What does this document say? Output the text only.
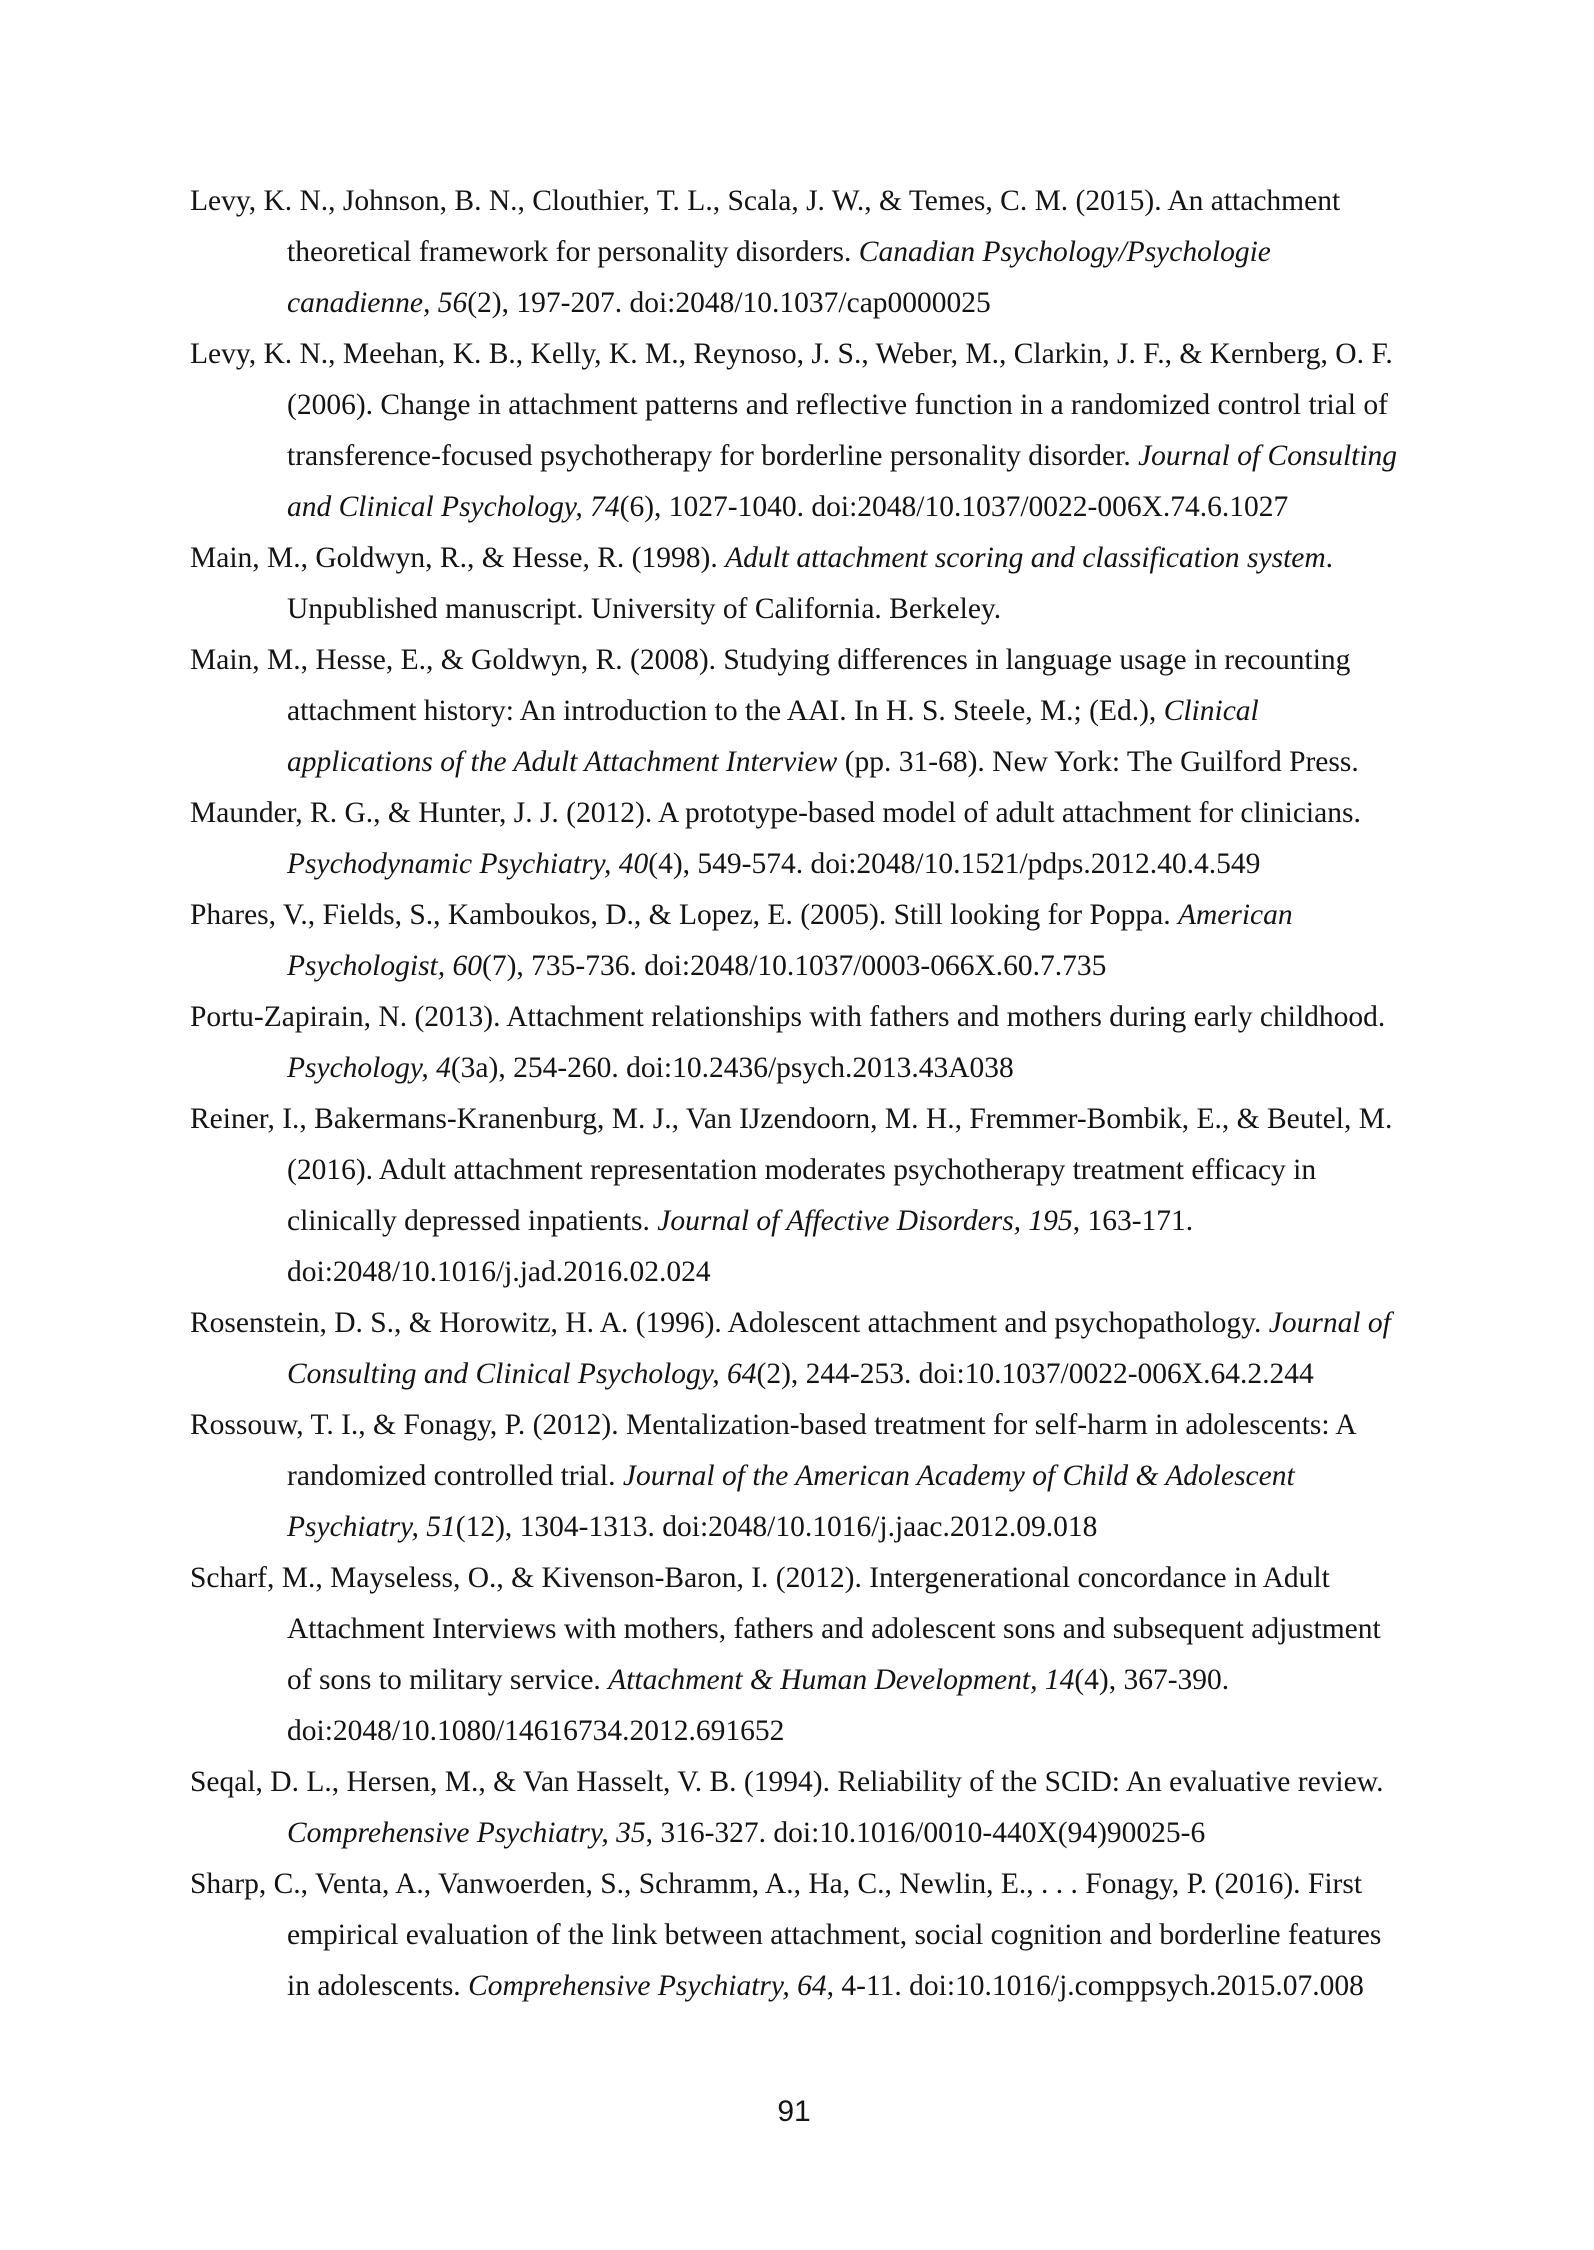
Levy, K. N., Johnson, B. N., Clouthier, T. L., Scala, J. W., & Temes, C. M. (2015). An attachment
theoretical framework for personality disorders. Canadian Psychology/Psychologie
canadienne, 56(2), 197-207. doi:2048/10.1037/cap0000025
Levy, K. N., Meehan, K. B., Kelly, K. M., Reynoso, J. S., Weber, M., Clarkin, J. F., & Kernberg, O. F.
(2006). Change in attachment patterns and reflective function in a randomized control trial of
transference-focused psychotherapy for borderline personality disorder. Journal of Consulting
and Clinical Psychology, 74(6), 1027-1040. doi:2048/10.1037/0022-006X.74.6.1027
Main, M., Goldwyn, R., & Hesse, R. (1998). Adult attachment scoring and classification system.
Unpublished manuscript. University of California. Berkeley.
Main, M., Hesse, E., & Goldwyn, R. (2008). Studying differences in language usage in recounting
attachment history: An introduction to the AAI. In H. S. Steele, M.; (Ed.), Clinical
applications of the Adult Attachment Interview (pp. 31-68). New York: The Guilford Press.
Maunder, R. G., & Hunter, J. J. (2012). A prototype-based model of adult attachment for clinicians.
Psychodynamic Psychiatry, 40(4), 549-574. doi:2048/10.1521/pdps.2012.40.4.549
Phares, V., Fields, S., Kamboukos, D., & Lopez, E. (2005). Still looking for Poppa. American
Psychologist, 60(7), 735-736. doi:2048/10.1037/0003-066X.60.7.735
Portu-Zapirain, N. (2013). Attachment relationships with fathers and mothers during early childhood.
Psychology, 4(3a), 254-260. doi:10.2436/psych.2013.43A038
Reiner, I., Bakermans-Kranenburg, M. J., Van IJzendoorn, M. H., Fremmer-Bombik, E., & Beutel, M.
(2016). Adult attachment representation moderates psychotherapy treatment efficacy in
clinically depressed inpatients. Journal of Affective Disorders, 195, 163-171.
doi:2048/10.1016/j.jad.2016.02.024
Rosenstein, D. S., & Horowitz, H. A. (1996). Adolescent attachment and psychopathology. Journal of
Consulting and Clinical Psychology, 64(2), 244-253. doi:10.1037/0022-006X.64.2.244
Rossouw, T. I., & Fonagy, P. (2012). Mentalization-based treatment for self-harm in adolescents: A
randomized controlled trial. Journal of the American Academy of Child & Adolescent
Psychiatry, 51(12), 1304-1313. doi:2048/10.1016/j.jaac.2012.09.018
Scharf, M., Mayseless, O., & Kivenson-Baron, I. (2012). Intergenerational concordance in Adult
Attachment Interviews with mothers, fathers and adolescent sons and subsequent adjustment
of sons to military service. Attachment & Human Development, 14(4), 367-390.
doi:2048/10.1080/14616734.2012.691652
Seqal, D. L., Hersen, M., & Van Hasselt, V. B. (1994). Reliability of the SCID: An evaluative review.
Comprehensive Psychiatry, 35, 316-327. doi:10.1016/0010-440X(94)90025-6
Sharp, C., Venta, A., Vanwoerden, S., Schramm, A., Ha, C., Newlin, E., . . . Fonagy, P. (2016). First
empirical evaluation of the link between attachment, social cognition and borderline features
in adolescents. Comprehensive Psychiatry, 64, 4-11. doi:10.1016/j.comppsych.2015.07.008
91
